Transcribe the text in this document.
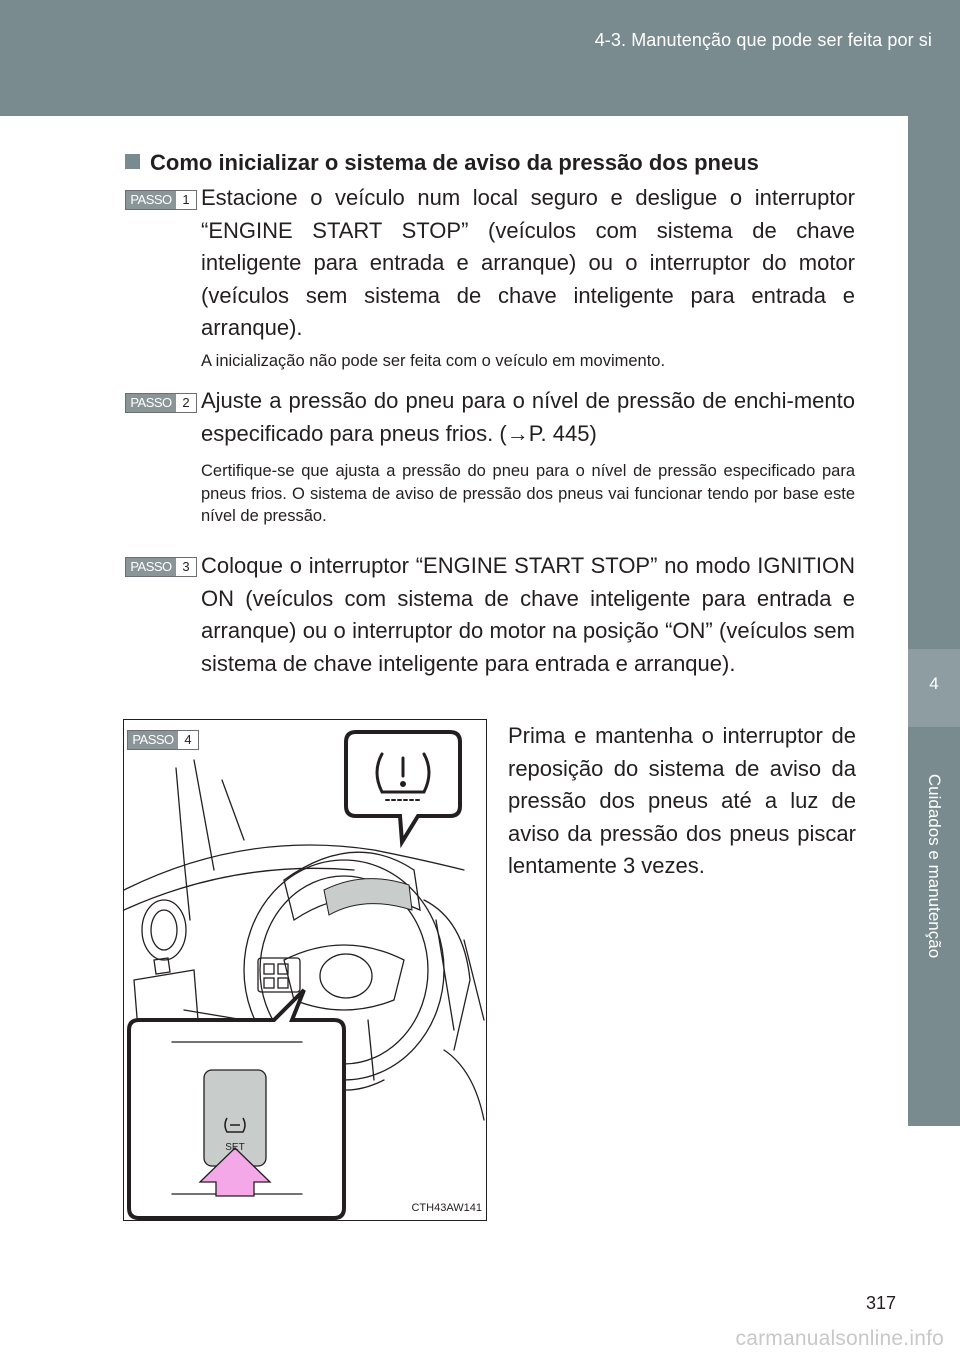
4-3. Manutenção que pode ser feita por si
4
Cuidados e manutenção
Como inicializar o sistema de aviso da pressão dos pneus
PASSO 1 Estacione o veículo num local seguro e desligue o interruptor “ENGINE START STOP” (veículos com sistema de chave inteligente para entrada e arranque) ou o interruptor do motor (veículos sem sistema de chave inteligente para entrada e arranque).
A inicialização não pode ser feita com o veículo em movimento.
PASSO 2 Ajuste a pressão do pneu para o nível de pressão de enchi-mento especificado para pneus frios. (→P. 445)
Certifique-se que ajusta a pressão do pneu para o nível de pressão especificado para pneus frios. O sistema de aviso de pressão dos pneus vai funcionar tendo por base este nível de pressão.
PASSO 3 Coloque o interruptor “ENGINE START STOP” no modo IGNITION ON (veículos com sistema de chave inteligente para entrada e arranque) ou o interruptor do motor na posição “ON” (veículos sem sistema de chave inteligente para entrada e arranque).
Prima e mantenha o interruptor de reposição do sistema de aviso da pressão dos pneus até a luz de aviso da pressão dos pneus piscar lentamente 3 vezes.
PASSO 4
SET
CTH43AW141
317
carmanualsonline.info
